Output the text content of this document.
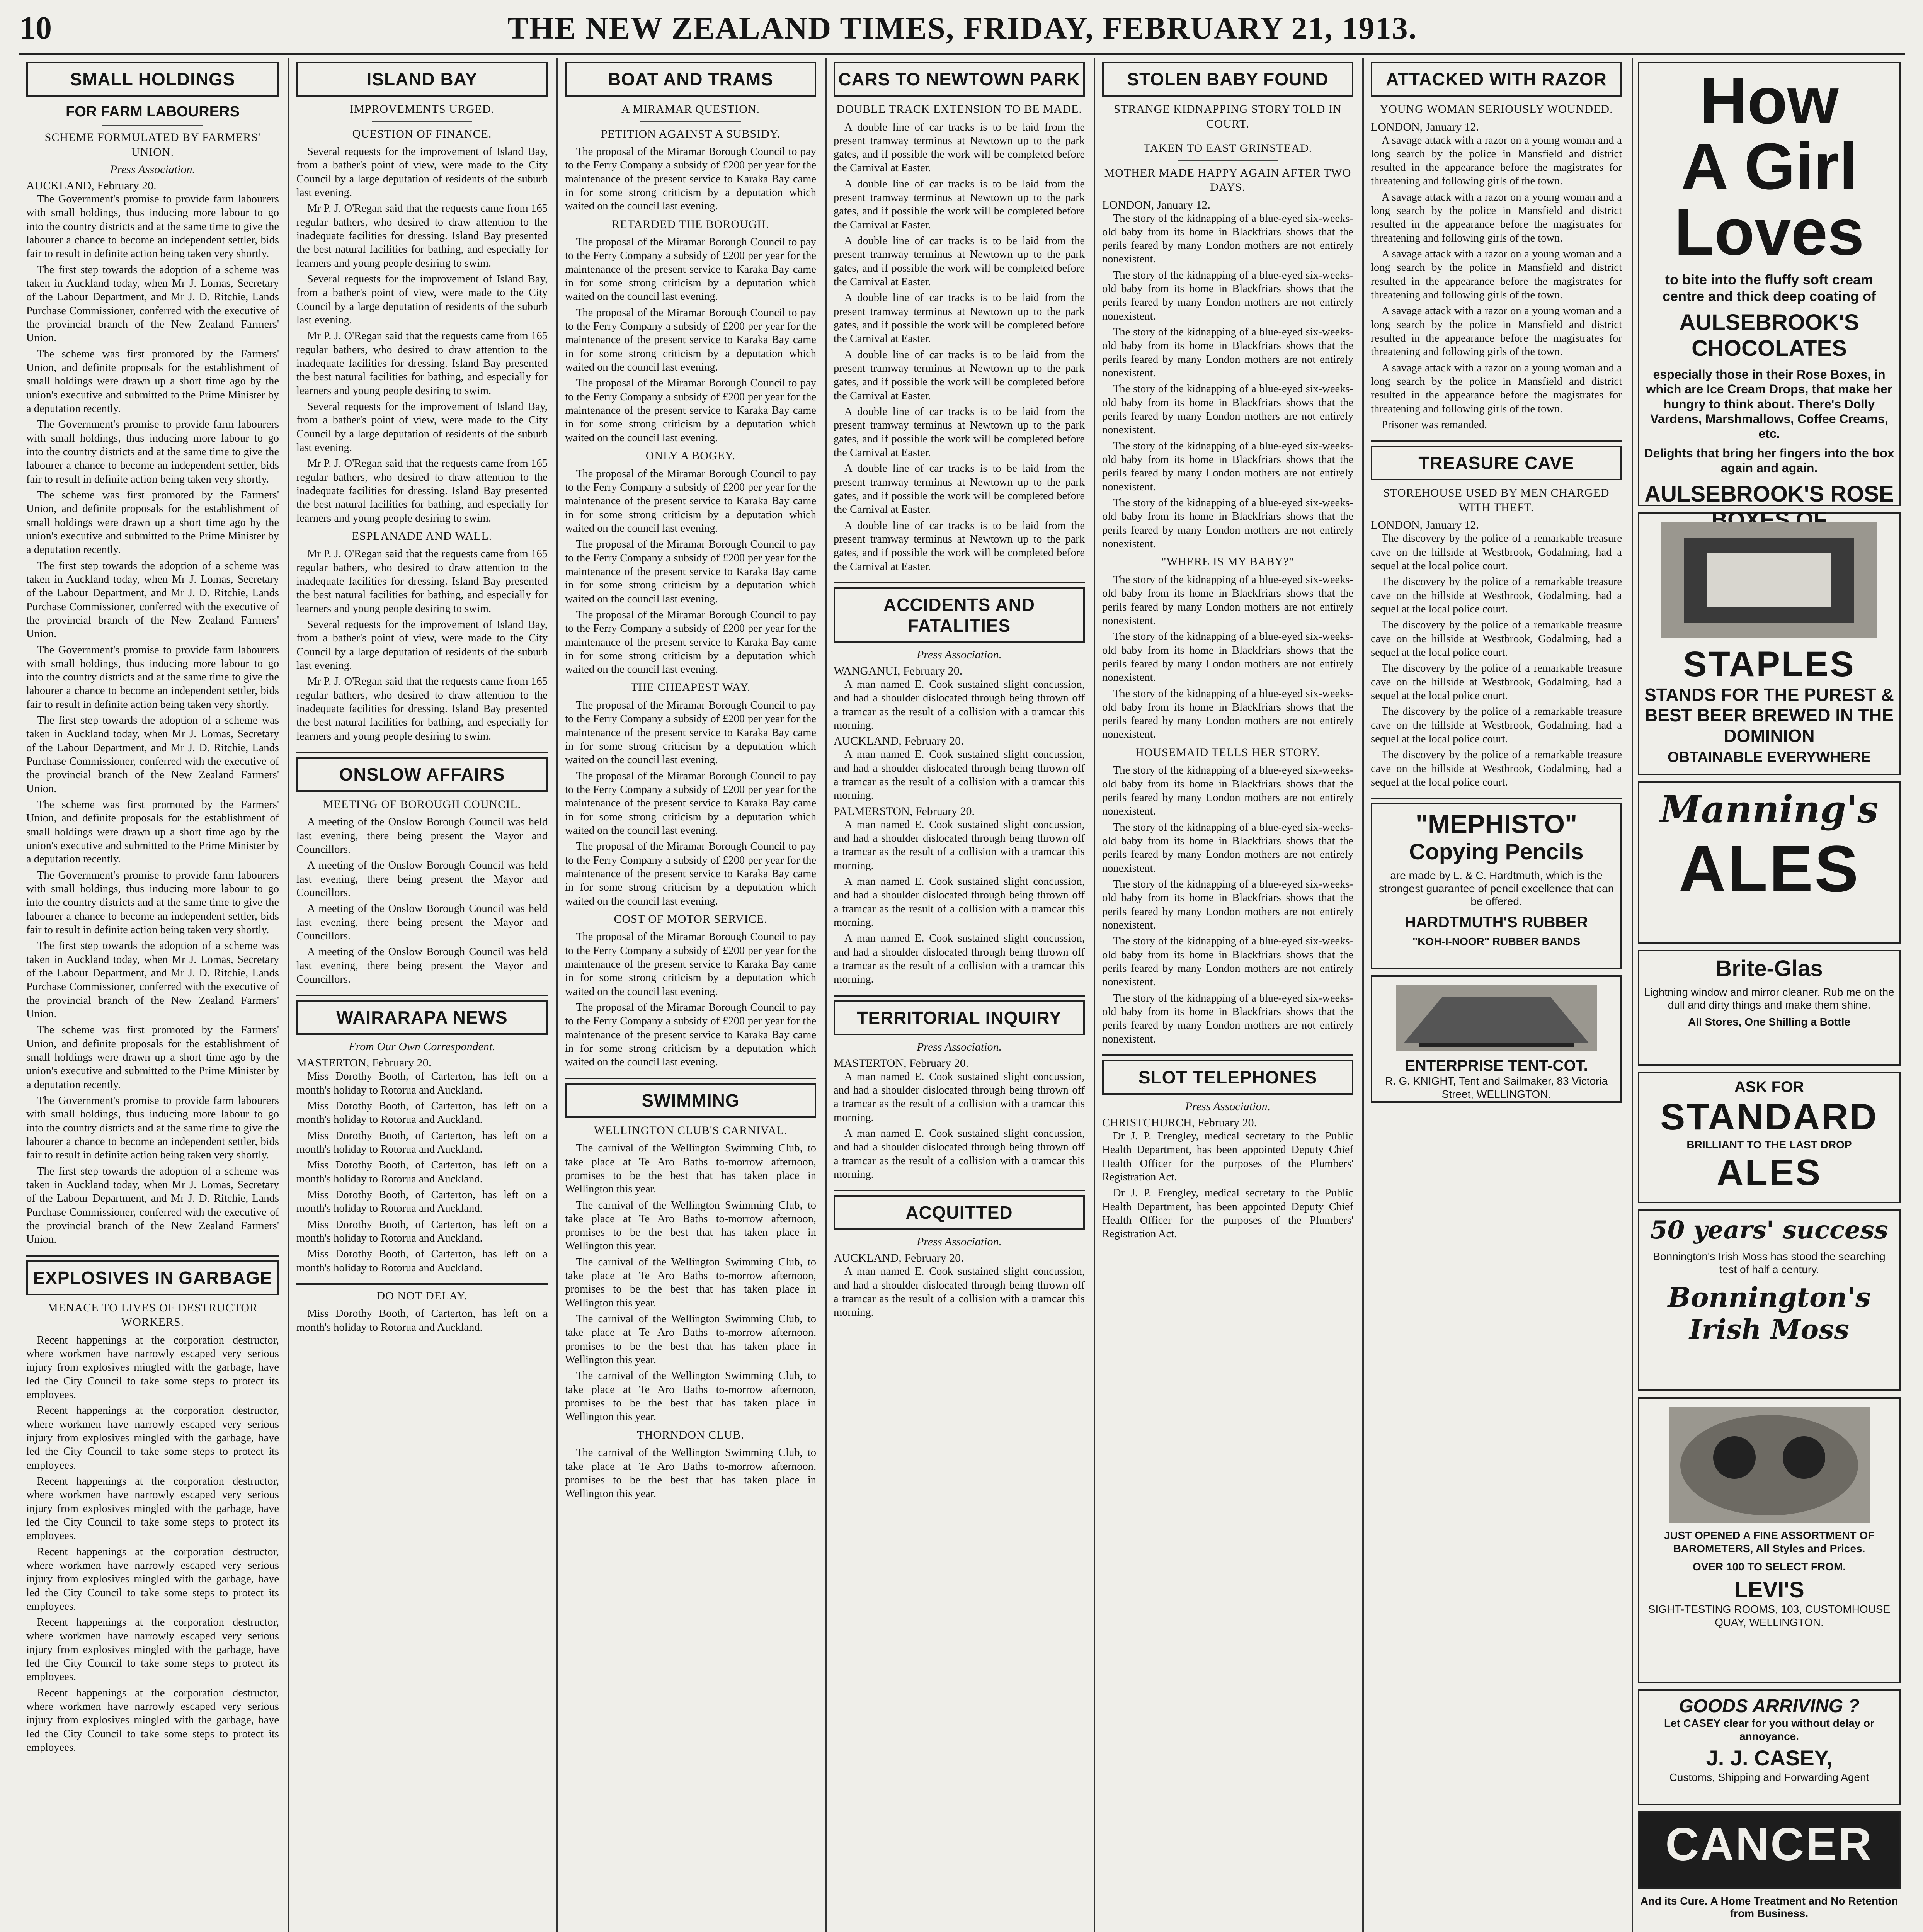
10	THE NEW ZEALAND TIMES, FRIDAY, FEBRUARY 21, 1913.
SMALL HOLDINGS
FOR FARM LABOURERS
SCHEME FORMULATED BY FARMERS' UNION.
Press Association.
AUCKLAND, February 20.

The Government's promise to provide farm labourers with small holdings, thus inducing more labour to go into the country districts and at the same time to give the labourer a chance to become an independent settler, bids fair to result in definite action being taken very shortly.

The first step towards the adoption of a scheme was taken in Auckland today, when Mr J. Lomas, Secretary of the Labour Department, and Mr J. D. Ritchie, Lands Purchase Commissioner, conferred with the executive of the provincial branch of the New Zealand Farmers' Union.

The scheme was first promoted by the Farmers' Union, and definite proposals for the establishment of small holdings were drawn up a short time ago by the union's executive and submitted to the Prime Minister by a deputation recently.

The Government's promise to provide farm labourers with small holdings, thus inducing more labour to go into the country districts and at the same time to give the labourer a chance to become an independent settler, bids fair to result in definite action being taken very shortly.

The scheme was first promoted by the Farmers' Union, and definite proposals for the establishment of small holdings were drawn up a short time ago by the union's executive and submitted to the Prime Minister by a deputation recently.

The first step towards the adoption of a scheme was taken in Auckland today, when Mr J. Lomas, Secretary of the Labour Department, and Mr J. D. Ritchie, Lands Purchase Commissioner, conferred with the executive of the provincial branch of the New Zealand Farmers' Union.

The Government's promise to provide farm labourers with small holdings, thus inducing more labour to go into the country districts and at the same time to give the labourer a chance to become an independent settler, bids fair to result in definite action being taken very shortly.

The first step towards the adoption of a scheme was taken in Auckland today, when Mr J. Lomas, Secretary of the Labour Department, and Mr J. D. Ritchie, Lands Purchase Commissioner, conferred with the executive of the provincial branch of the New Zealand Farmers' Union.

The scheme was first promoted by the Farmers' Union, and definite proposals for the establishment of small holdings were drawn up a short time ago by the union's executive and submitted to the Prime Minister by a deputation recently.

The Government's promise to provide farm labourers with small holdings, thus inducing more labour to go into the country districts and at the same time to give the labourer a chance to become an independent settler, bids fair to result in definite action being taken very shortly.

The first step towards the adoption of a scheme was taken in Auckland today, when Mr J. Lomas, Secretary of the Labour Department, and Mr J. D. Ritchie, Lands Purchase Commissioner, conferred with the executive of the provincial branch of the New Zealand Farmers' Union.

The scheme was first promoted by the Farmers' Union, and definite proposals for the establishment of small holdings were drawn up a short time ago by the union's executive and submitted to the Prime Minister by a deputation recently.

The Government's promise to provide farm labourers with small holdings, thus inducing more labour to go into the country districts and at the same time to give the labourer a chance to become an independent settler, bids fair to result in definite action being taken very shortly.

The first step towards the adoption of a scheme was taken in Auckland today, when Mr J. Lomas, Secretary of the Labour Department, and Mr J. D. Ritchie, Lands Purchase Commissioner, conferred with the executive of the provincial branch of the New Zealand Farmers' Union.

EXPLOSIVES IN GARBAGE
MENACE TO LIVES OF DESTRUCTOR WORKERS.

Recent happenings at the corporation destructor, where workmen have narrowly escaped very serious injury from explosives mingled with the garbage, have led the City Council to take some steps to protect its employees.

Recent happenings at the corporation destructor, where workmen have narrowly escaped very serious injury from explosives mingled with the garbage, have led the City Council to take some steps to protect its employees.

Recent happenings at the corporation destructor, where workmen have narrowly escaped very serious injury from explosives mingled with the garbage, have led the City Council to take some steps to protect its employees.

Recent happenings at the corporation destructor, where workmen have narrowly escaped very serious injury from explosives mingled with the garbage, have led the City Council to take some steps to protect its employees.

Recent happenings at the corporation destructor, where workmen have narrowly escaped very serious injury from explosives mingled with the garbage, have led the City Council to take some steps to protect its employees.

Recent happenings at the corporation destructor, where workmen have narrowly escaped very serious injury from explosives mingled with the garbage, have led the City Council to take some steps to protect its employees.

ISLAND BAY
IMPROVEMENTS URGED.
QUESTION OF FINANCE.

Several requests for the improvement of Island Bay, from a bather's point of view, were made to the City Council by a large deputation of residents of the suburb last evening.

Mr P. J. O'Regan said that the requests came from 165 regular bathers, who desired to draw attention to the inadequate facilities for dressing. Island Bay presented the best natural facilities for bathing, and especially for learners and young people desiring to swim.

Several requests for the improvement of Island Bay, from a bather's point of view, were made to the City Council by a large deputation of residents of the suburb last evening.

Mr P. J. O'Regan said that the requests came from 165 regular bathers, who desired to draw attention to the inadequate facilities for dressing. Island Bay presented the best natural facilities for bathing, and especially for learners and young people desiring to swim.

Several requests for the improvement of Island Bay, from a bather's point of view, were made to the City Council by a large deputation of residents of the suburb last evening.

Mr P. J. O'Regan said that the requests came from 165 regular bathers, who desired to draw attention to the inadequate facilities for dressing. Island Bay presented the best natural facilities for bathing, and especially for learners and young people desiring to swim.

ESPLANADE AND WALL.

Mr P. J. O'Regan said that the requests came from 165 regular bathers, who desired to draw attention to the inadequate facilities for dressing. Island Bay presented the best natural facilities for bathing, and especially for learners and young people desiring to swim.

Several requests for the improvement of Island Bay, from a bather's point of view, were made to the City Council by a large deputation of residents of the suburb last evening.

Mr P. J. O'Regan said that the requests came from 165 regular bathers, who desired to draw attention to the inadequate facilities for dressing. Island Bay presented the best natural facilities for bathing, and especially for learners and young people desiring to swim.

ONSLOW AFFAIRS
MEETING OF BOROUGH COUNCIL.

A meeting of the Onslow Borough Council was held last evening, there being present the Mayor and Councillors.

A meeting of the Onslow Borough Council was held last evening, there being present the Mayor and Councillors.

A meeting of the Onslow Borough Council was held last evening, there being present the Mayor and Councillors.

A meeting of the Onslow Borough Council was held last evening, there being present the Mayor and Councillors.

WAIRARAPA NEWS
From Our Own Correspondent.
MASTERTON, February 20.

Miss Dorothy Booth, of Carterton, has left on a month's holiday to Rotorua and Auckland.

Miss Dorothy Booth, of Carterton, has left on a month's holiday to Rotorua and Auckland.

Miss Dorothy Booth, of Carterton, has left on a month's holiday to Rotorua and Auckland.

Miss Dorothy Booth, of Carterton, has left on a month's holiday to Rotorua and Auckland.

Miss Dorothy Booth, of Carterton, has left on a month's holiday to Rotorua and Auckland.

Miss Dorothy Booth, of Carterton, has left on a month's holiday to Rotorua and Auckland.

Miss Dorothy Booth, of Carterton, has left on a month's holiday to Rotorua and Auckland.

DO NOT DELAY.

Miss Dorothy Booth, of Carterton, has left on a month's holiday to Rotorua and Auckland.

BOAT AND TRAMS
A MIRAMAR QUESTION.
PETITION AGAINST A SUBSIDY.

The proposal of the Miramar Borough Council to pay to the Ferry Company a subsidy of £200 per year for the maintenance of the present service to Karaka Bay came in for some strong criticism by a deputation which waited on the council last evening.

RETARDED THE BOROUGH.

The proposal of the Miramar Borough Council to pay to the Ferry Company a subsidy of £200 per year for the maintenance of the present service to Karaka Bay came in for some strong criticism by a deputation which waited on the council last evening.

The proposal of the Miramar Borough Council to pay to the Ferry Company a subsidy of £200 per year for the maintenance of the present service to Karaka Bay came in for some strong criticism by a deputation which waited on the council last evening.

The proposal of the Miramar Borough Council to pay to the Ferry Company a subsidy of £200 per year for the maintenance of the present service to Karaka Bay came in for some strong criticism by a deputation which waited on the council last evening.

ONLY A BOGEY.

The proposal of the Miramar Borough Council to pay to the Ferry Company a subsidy of £200 per year for the maintenance of the present service to Karaka Bay came in for some strong criticism by a deputation which waited on the council last evening.

The proposal of the Miramar Borough Council to pay to the Ferry Company a subsidy of £200 per year for the maintenance of the present service to Karaka Bay came in for some strong criticism by a deputation which waited on the council last evening.

The proposal of the Miramar Borough Council to pay to the Ferry Company a subsidy of £200 per year for the maintenance of the present service to Karaka Bay came in for some strong criticism by a deputation which waited on the council last evening.

THE CHEAPEST WAY.

The proposal of the Miramar Borough Council to pay to the Ferry Company a subsidy of £200 per year for the maintenance of the present service to Karaka Bay came in for some strong criticism by a deputation which waited on the council last evening.

The proposal of the Miramar Borough Council to pay to the Ferry Company a subsidy of £200 per year for the maintenance of the present service to Karaka Bay came in for some strong criticism by a deputation which waited on the council last evening.

The proposal of the Miramar Borough Council to pay to the Ferry Company a subsidy of £200 per year for the maintenance of the present service to Karaka Bay came in for some strong criticism by a deputation which waited on the council last evening.

COST OF MOTOR SERVICE.

The proposal of the Miramar Borough Council to pay to the Ferry Company a subsidy of £200 per year for the maintenance of the present service to Karaka Bay came in for some strong criticism by a deputation which waited on the council last evening.

The proposal of the Miramar Borough Council to pay to the Ferry Company a subsidy of £200 per year for the maintenance of the present service to Karaka Bay came in for some strong criticism by a deputation which waited on the council last evening.

SWIMMING
WELLINGTON CLUB'S CARNIVAL.

The carnival of the Wellington Swimming Club, to take place at Te Aro Baths to-morrow afternoon, promises to be the best that has taken place in Wellington this year.

The carnival of the Wellington Swimming Club, to take place at Te Aro Baths to-morrow afternoon, promises to be the best that has taken place in Wellington this year.

The carnival of the Wellington Swimming Club, to take place at Te Aro Baths to-morrow afternoon, promises to be the best that has taken place in Wellington this year.

The carnival of the Wellington Swimming Club, to take place at Te Aro Baths to-morrow afternoon, promises to be the best that has taken place in Wellington this year.

The carnival of the Wellington Swimming Club, to take place at Te Aro Baths to-morrow afternoon, promises to be the best that has taken place in Wellington this year.

THORNDON CLUB.

The carnival of the Wellington Swimming Club, to take place at Te Aro Baths to-morrow afternoon, promises to be the best that has taken place in Wellington this year.

CARS TO NEWTOWN PARK
DOUBLE TRACK EXTENSION TO BE MADE.

A double line of car tracks is to be laid from the present tramway terminus at Newtown up to the park gates, and if possible the work will be completed before the Carnival at Easter.

A double line of car tracks is to be laid from the present tramway terminus at Newtown up to the park gates, and if possible the work will be completed before the Carnival at Easter.

A double line of car tracks is to be laid from the present tramway terminus at Newtown up to the park gates, and if possible the work will be completed before the Carnival at Easter.

A double line of car tracks is to be laid from the present tramway terminus at Newtown up to the park gates, and if possible the work will be completed before the Carnival at Easter.

A double line of car tracks is to be laid from the present tramway terminus at Newtown up to the park gates, and if possible the work will be completed before the Carnival at Easter.

A double line of car tracks is to be laid from the present tramway terminus at Newtown up to the park gates, and if possible the work will be completed before the Carnival at Easter.

A double line of car tracks is to be laid from the present tramway terminus at Newtown up to the park gates, and if possible the work will be completed before the Carnival at Easter.

A double line of car tracks is to be laid from the present tramway terminus at Newtown up to the park gates, and if possible the work will be completed before the Carnival at Easter.

ACCIDENTS AND FATALITIES
Press Association.
WANGANUI, February 20.

A man named E. Cook sustained slight concussion, and had a shoulder dislocated through being thrown off a tramcar as the result of a collision with a tramcar this morning.

AUCKLAND, February 20.

A man named E. Cook sustained slight concussion, and had a shoulder dislocated through being thrown off a tramcar as the result of a collision with a tramcar this morning.

PALMERSTON, February 20.

A man named E. Cook sustained slight concussion, and had a shoulder dislocated through being thrown off a tramcar as the result of a collision with a tramcar this morning.

A man named E. Cook sustained slight concussion, and had a shoulder dislocated through being thrown off a tramcar as the result of a collision with a tramcar this morning.

A man named E. Cook sustained slight concussion, and had a shoulder dislocated through being thrown off a tramcar as the result of a collision with a tramcar this morning.

TERRITORIAL INQUIRY
Press Association.
MASTERTON, February 20.

A man named E. Cook sustained slight concussion, and had a shoulder dislocated through being thrown off a tramcar as the result of a collision with a tramcar this morning.

A man named E. Cook sustained slight concussion, and had a shoulder dislocated through being thrown off a tramcar as the result of a collision with a tramcar this morning.

ACQUITTED
Press Association.
AUCKLAND, February 20.

A man named E. Cook sustained slight concussion, and had a shoulder dislocated through being thrown off a tramcar as the result of a collision with a tramcar this morning.

STOLEN BABY FOUND
STRANGE KIDNAPPING STORY TOLD IN COURT.
TAKEN TO EAST GRINSTEAD.
MOTHER MADE HAPPY AGAIN AFTER TWO DAYS.
LONDON, January 12.

The story of the kidnapping of a blue-eyed six-weeks-old baby from its home in Blackfriars shows that the perils feared by many London mothers are not entirely nonexistent.

The story of the kidnapping of a blue-eyed six-weeks-old baby from its home in Blackfriars shows that the perils feared by many London mothers are not entirely nonexistent.

The story of the kidnapping of a blue-eyed six-weeks-old baby from its home in Blackfriars shows that the perils feared by many London mothers are not entirely nonexistent.

The story of the kidnapping of a blue-eyed six-weeks-old baby from its home in Blackfriars shows that the perils feared by many London mothers are not entirely nonexistent.

The story of the kidnapping of a blue-eyed six-weeks-old baby from its home in Blackfriars shows that the perils feared by many London mothers are not entirely nonexistent.

The story of the kidnapping of a blue-eyed six-weeks-old baby from its home in Blackfriars shows that the perils feared by many London mothers are not entirely nonexistent.

"WHERE IS MY BABY?"

The story of the kidnapping of a blue-eyed six-weeks-old baby from its home in Blackfriars shows that the perils feared by many London mothers are not entirely nonexistent.

The story of the kidnapping of a blue-eyed six-weeks-old baby from its home in Blackfriars shows that the perils feared by many London mothers are not entirely nonexistent.

The story of the kidnapping of a blue-eyed six-weeks-old baby from its home in Blackfriars shows that the perils feared by many London mothers are not entirely nonexistent.

HOUSEMAID TELLS HER STORY.

The story of the kidnapping of a blue-eyed six-weeks-old baby from its home in Blackfriars shows that the perils feared by many London mothers are not entirely nonexistent.

The story of the kidnapping of a blue-eyed six-weeks-old baby from its home in Blackfriars shows that the perils feared by many London mothers are not entirely nonexistent.

The story of the kidnapping of a blue-eyed six-weeks-old baby from its home in Blackfriars shows that the perils feared by many London mothers are not entirely nonexistent.

The story of the kidnapping of a blue-eyed six-weeks-old baby from its home in Blackfriars shows that the perils feared by many London mothers are not entirely nonexistent.

The story of the kidnapping of a blue-eyed six-weeks-old baby from its home in Blackfriars shows that the perils feared by many London mothers are not entirely nonexistent.

SLOT TELEPHONES
Press Association.
CHRISTCHURCH, February 20.

Dr J. P. Frengley, medical secretary to the Public Health Department, has been appointed Deputy Chief Health Officer for the purposes of the Plumbers' Registration Act.

Dr J. P. Frengley, medical secretary to the Public Health Department, has been appointed Deputy Chief Health Officer for the purposes of the Plumbers' Registration Act.

ATTACKED WITH RAZOR
YOUNG WOMAN SERIOUSLY WOUNDED.
LONDON, January 12.

A savage attack with a razor on a young woman and a long search by the police in Mansfield and district resulted in the appearance before the magistrates for threatening and following girls of the town.

A savage attack with a razor on a young woman and a long search by the police in Mansfield and district resulted in the appearance before the magistrates for threatening and following girls of the town.

A savage attack with a razor on a young woman and a long search by the police in Mansfield and district resulted in the appearance before the magistrates for threatening and following girls of the town.

A savage attack with a razor on a young woman and a long search by the police in Mansfield and district resulted in the appearance before the magistrates for threatening and following girls of the town.

A savage attack with a razor on a young woman and a long search by the police in Mansfield and district resulted in the appearance before the magistrates for threatening and following girls of the town.

Prisoner was remanded.

TREASURE CAVE
STOREHOUSE USED BY MEN CHARGED WITH THEFT.
LONDON, January 12.

The discovery by the police of a remarkable treasure cave on the hillside at Westbrook, Godalming, had a sequel at the local police court.

The discovery by the police of a remarkable treasure cave on the hillside at Westbrook, Godalming, had a sequel at the local police court.

The discovery by the police of a remarkable treasure cave on the hillside at Westbrook, Godalming, had a sequel at the local police court.

The discovery by the police of a remarkable treasure cave on the hillside at Westbrook, Godalming, had a sequel at the local police court.

The discovery by the police of a remarkable treasure cave on the hillside at Westbrook, Godalming, had a sequel at the local police court.

The discovery by the police of a remarkable treasure cave on the hillside at Westbrook, Godalming, had a sequel at the local police court.

"MEPHISTO"
Copying Pencils
are made by L. & C. Hardtmuth, which is the strongest guarantee of pencil excellence that can be offered.
HARDTMUTH'S RUBBER
"KOH-I-NOOR" RUBBER BANDS
ENTERPRISE TENT-COT.
R. G. KNIGHT, Tent and Sailmaker, 83 Victoria Street, WELLINGTON.
How
A Girl
Loves
to bite into the fluffy soft cream centre and thick deep coating of
AULSEBROOK'S CHOCOLATES
especially those in their Rose Boxes, in which are Ice Cream Drops, that make her hungry to think about. There's Dolly Vardens, Marshmallows, Coffee Creams, etc.
Delights that bring her fingers into the box again and again.
AULSEBROOK'S ROSE BOXES OF
STAPLES
STANDS FOR THE PUREST & BEST BEER BREWED IN THE DOMINION
OBTAINABLE EVERYWHERE
Manning's
ALES
Brite-Glas
Lightning window and mirror cleaner. Rub me on the dull and dirty things and make them shine.
All Stores, One Shilling a Bottle
ASK FOR
STANDARD
BRILLIANT TO THE LAST DROP
ALES
50 years' success
Bonnington's Irish Moss has stood the searching test of half a century.
Bonnington's Irish Moss
JUST OPENED A FINE ASSORTMENT OF BAROMETERS, All Styles and Prices.
OVER 100 TO SELECT FROM.
LEVI'S
SIGHT-TESTING ROOMS, 103, CUSTOMHOUSE QUAY, WELLINGTON.
GOODS ARRIVING ?
Let CASEY clear for you without delay or annoyance.
J. J. CASEY,
Customs, Shipping and Forwarding Agent
CANCER
And its Cure. A Home Treatment and No Retention from Business.
